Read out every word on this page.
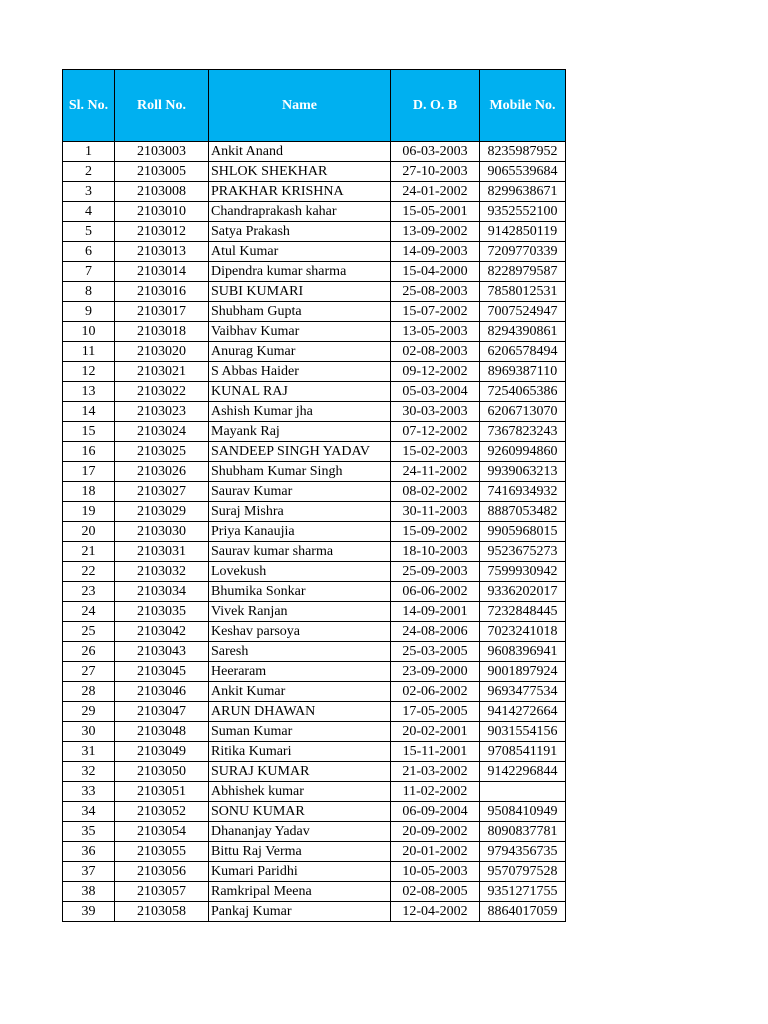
Sl. No.	Roll No.	Name	D. O. B	Mobile No.
1	2103003	Ankit Anand	06-03-2003	8235987952
2	2103005	SHLOK SHEKHAR	27-10-2003	9065539684
3	2103008	PRAKHAR KRISHNA	24-01-2002	8299638671
4	2103010	Chandraprakash kahar	15-05-2001	9352552100
5	2103012	Satya Prakash	13-09-2002	9142850119
6	2103013	Atul Kumar	14-09-2003	7209770339
7	2103014	Dipendra kumar sharma	15-04-2000	8228979587
8	2103016	SUBI KUMARI	25-08-2003	7858012531
9	2103017	Shubham Gupta	15-07-2002	7007524947
10	2103018	Vaibhav Kumar	13-05-2003	8294390861
11	2103020	Anurag Kumar	02-08-2003	6206578494
12	2103021	S Abbas Haider	09-12-2002	8969387110
13	2103022	KUNAL RAJ	05-03-2004	7254065386
14	2103023	Ashish Kumar jha	30-03-2003	6206713070
15	2103024	Mayank Raj	07-12-2002	7367823243
16	2103025	SANDEEP SINGH YADAV	15-02-2003	9260994860
17	2103026	Shubham Kumar Singh	24-11-2002	9939063213
18	2103027	Saurav Kumar	08-02-2002	7416934932
19	2103029	Suraj Mishra	30-11-2003	8887053482
20	2103030	Priya Kanaujia	15-09-2002	9905968015
21	2103031	Saurav kumar sharma	18-10-2003	9523675273
22	2103032	Lovekush	25-09-2003	7599930942
23	2103034	Bhumika Sonkar	06-06-2002	9336202017
24	2103035	Vivek Ranjan	14-09-2001	7232848445
25	2103042	Keshav parsoya	24-08-2006	7023241018
26	2103043	Saresh	25-03-2005	9608396941
27	2103045	Heeraram	23-09-2000	9001897924
28	2103046	Ankit Kumar	02-06-2002	9693477534
29	2103047	ARUN DHAWAN	17-05-2005	9414272664
30	2103048	Suman Kumar	20-02-2001	9031554156
31	2103049	Ritika Kumari	15-11-2001	9708541191
32	2103050	SURAJ KUMAR	21-03-2002	9142296844
33	2103051	Abhishek kumar	11-02-2002	
34	2103052	SONU KUMAR	06-09-2004	9508410949
35	2103054	Dhananjay Yadav	20-09-2002	8090837781
36	2103055	Bittu Raj Verma	20-01-2002	9794356735
37	2103056	Kumari Paridhi	10-05-2003	9570797528
38	2103057	Ramkripal Meena	02-08-2005	9351271755
39	2103058	Pankaj Kumar	12-04-2002	8864017059
